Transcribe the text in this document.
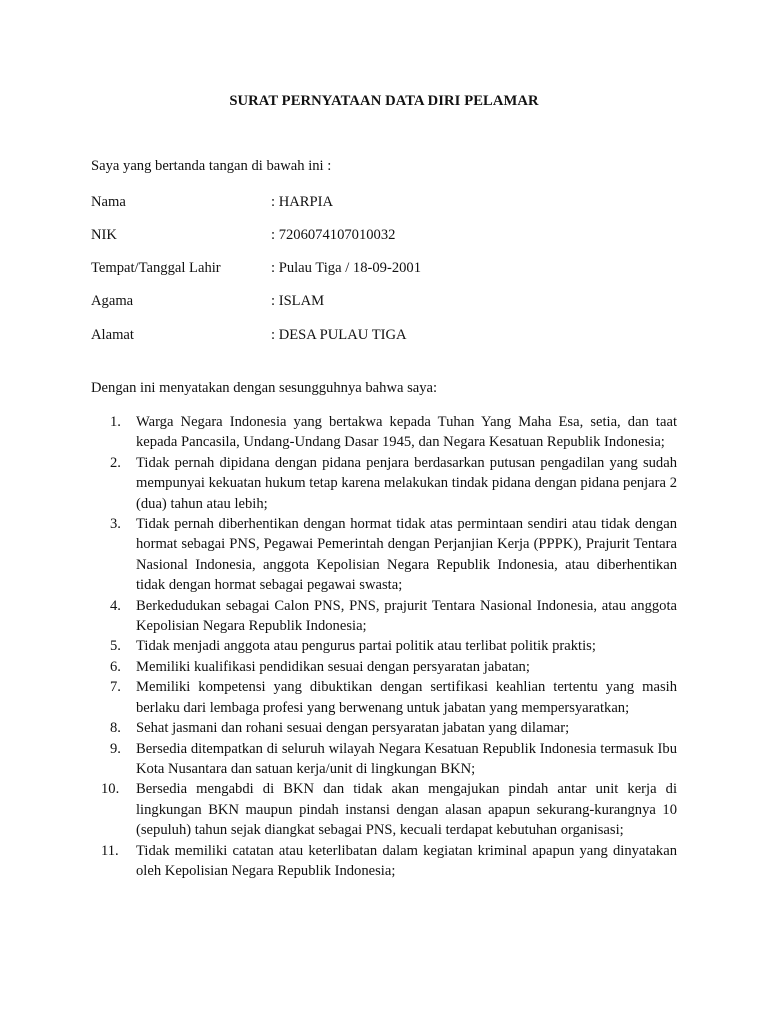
SURAT PERNYATAAN DATA DIRI PELAMAR
Saya yang bertanda tangan di bawah ini :
Nama	: HARPIA
NIK	: 7206074107010032
Tempat/Tanggal Lahir	: Pulau Tiga / 18-09-2001
Agama	: ISLAM
Alamat	: DESA PULAU TIGA
Dengan ini menyatakan dengan sesungguhnya bahwa saya:
1. Warga Negara Indonesia yang bertakwa kepada Tuhan Yang Maha Esa, setia, dan taat kepada Pancasila, Undang-Undang Dasar 1945, dan Negara Kesatuan Republik Indonesia;
2. Tidak pernah dipidana dengan pidana penjara berdasarkan putusan pengadilan yang sudah mempunyai kekuatan hukum tetap karena melakukan tindak pidana dengan pidana penjara 2 (dua) tahun atau lebih;
3. Tidak pernah diberhentikan dengan hormat tidak atas permintaan sendiri atau tidak dengan hormat sebagai PNS, Pegawai Pemerintah dengan Perjanjian Kerja (PPPK), Prajurit Tentara Nasional Indonesia, anggota Kepolisian Negara Republik Indonesia, atau diberhentikan tidak dengan hormat sebagai pegawai swasta;
4. Berkedudukan sebagai Calon PNS, PNS, prajurit Tentara Nasional Indonesia, atau anggota Kepolisian Negara Republik Indonesia;
5. Tidak menjadi anggota atau pengurus partai politik atau terlibat politik praktis;
6. Memiliki kualifikasi pendidikan sesuai dengan persyaratan jabatan;
7. Memiliki kompetensi yang dibuktikan dengan sertifikasi keahlian tertentu yang masih berlaku dari lembaga profesi yang berwenang untuk jabatan yang mempersyaratkan;
8. Sehat jasmani dan rohani sesuai dengan persyaratan jabatan yang dilamar;
9. Bersedia ditempatkan di seluruh wilayah Negara Kesatuan Republik Indonesia termasuk Ibu Kota Nusantara dan satuan kerja/unit di lingkungan BKN;
10. Bersedia mengabdi di BKN dan tidak akan mengajukan pindah antar unit kerja di lingkungan BKN maupun pindah instansi dengan alasan apapun sekurang-kurangnya 10 (sepuluh) tahun sejak diangkat sebagai PNS, kecuali terdapat kebutuhan organisasi;
11. Tidak memiliki catatan atau keterlibatan dalam kegiatan kriminal apapun yang dinyatakan oleh Kepolisian Negara Republik Indonesia;
